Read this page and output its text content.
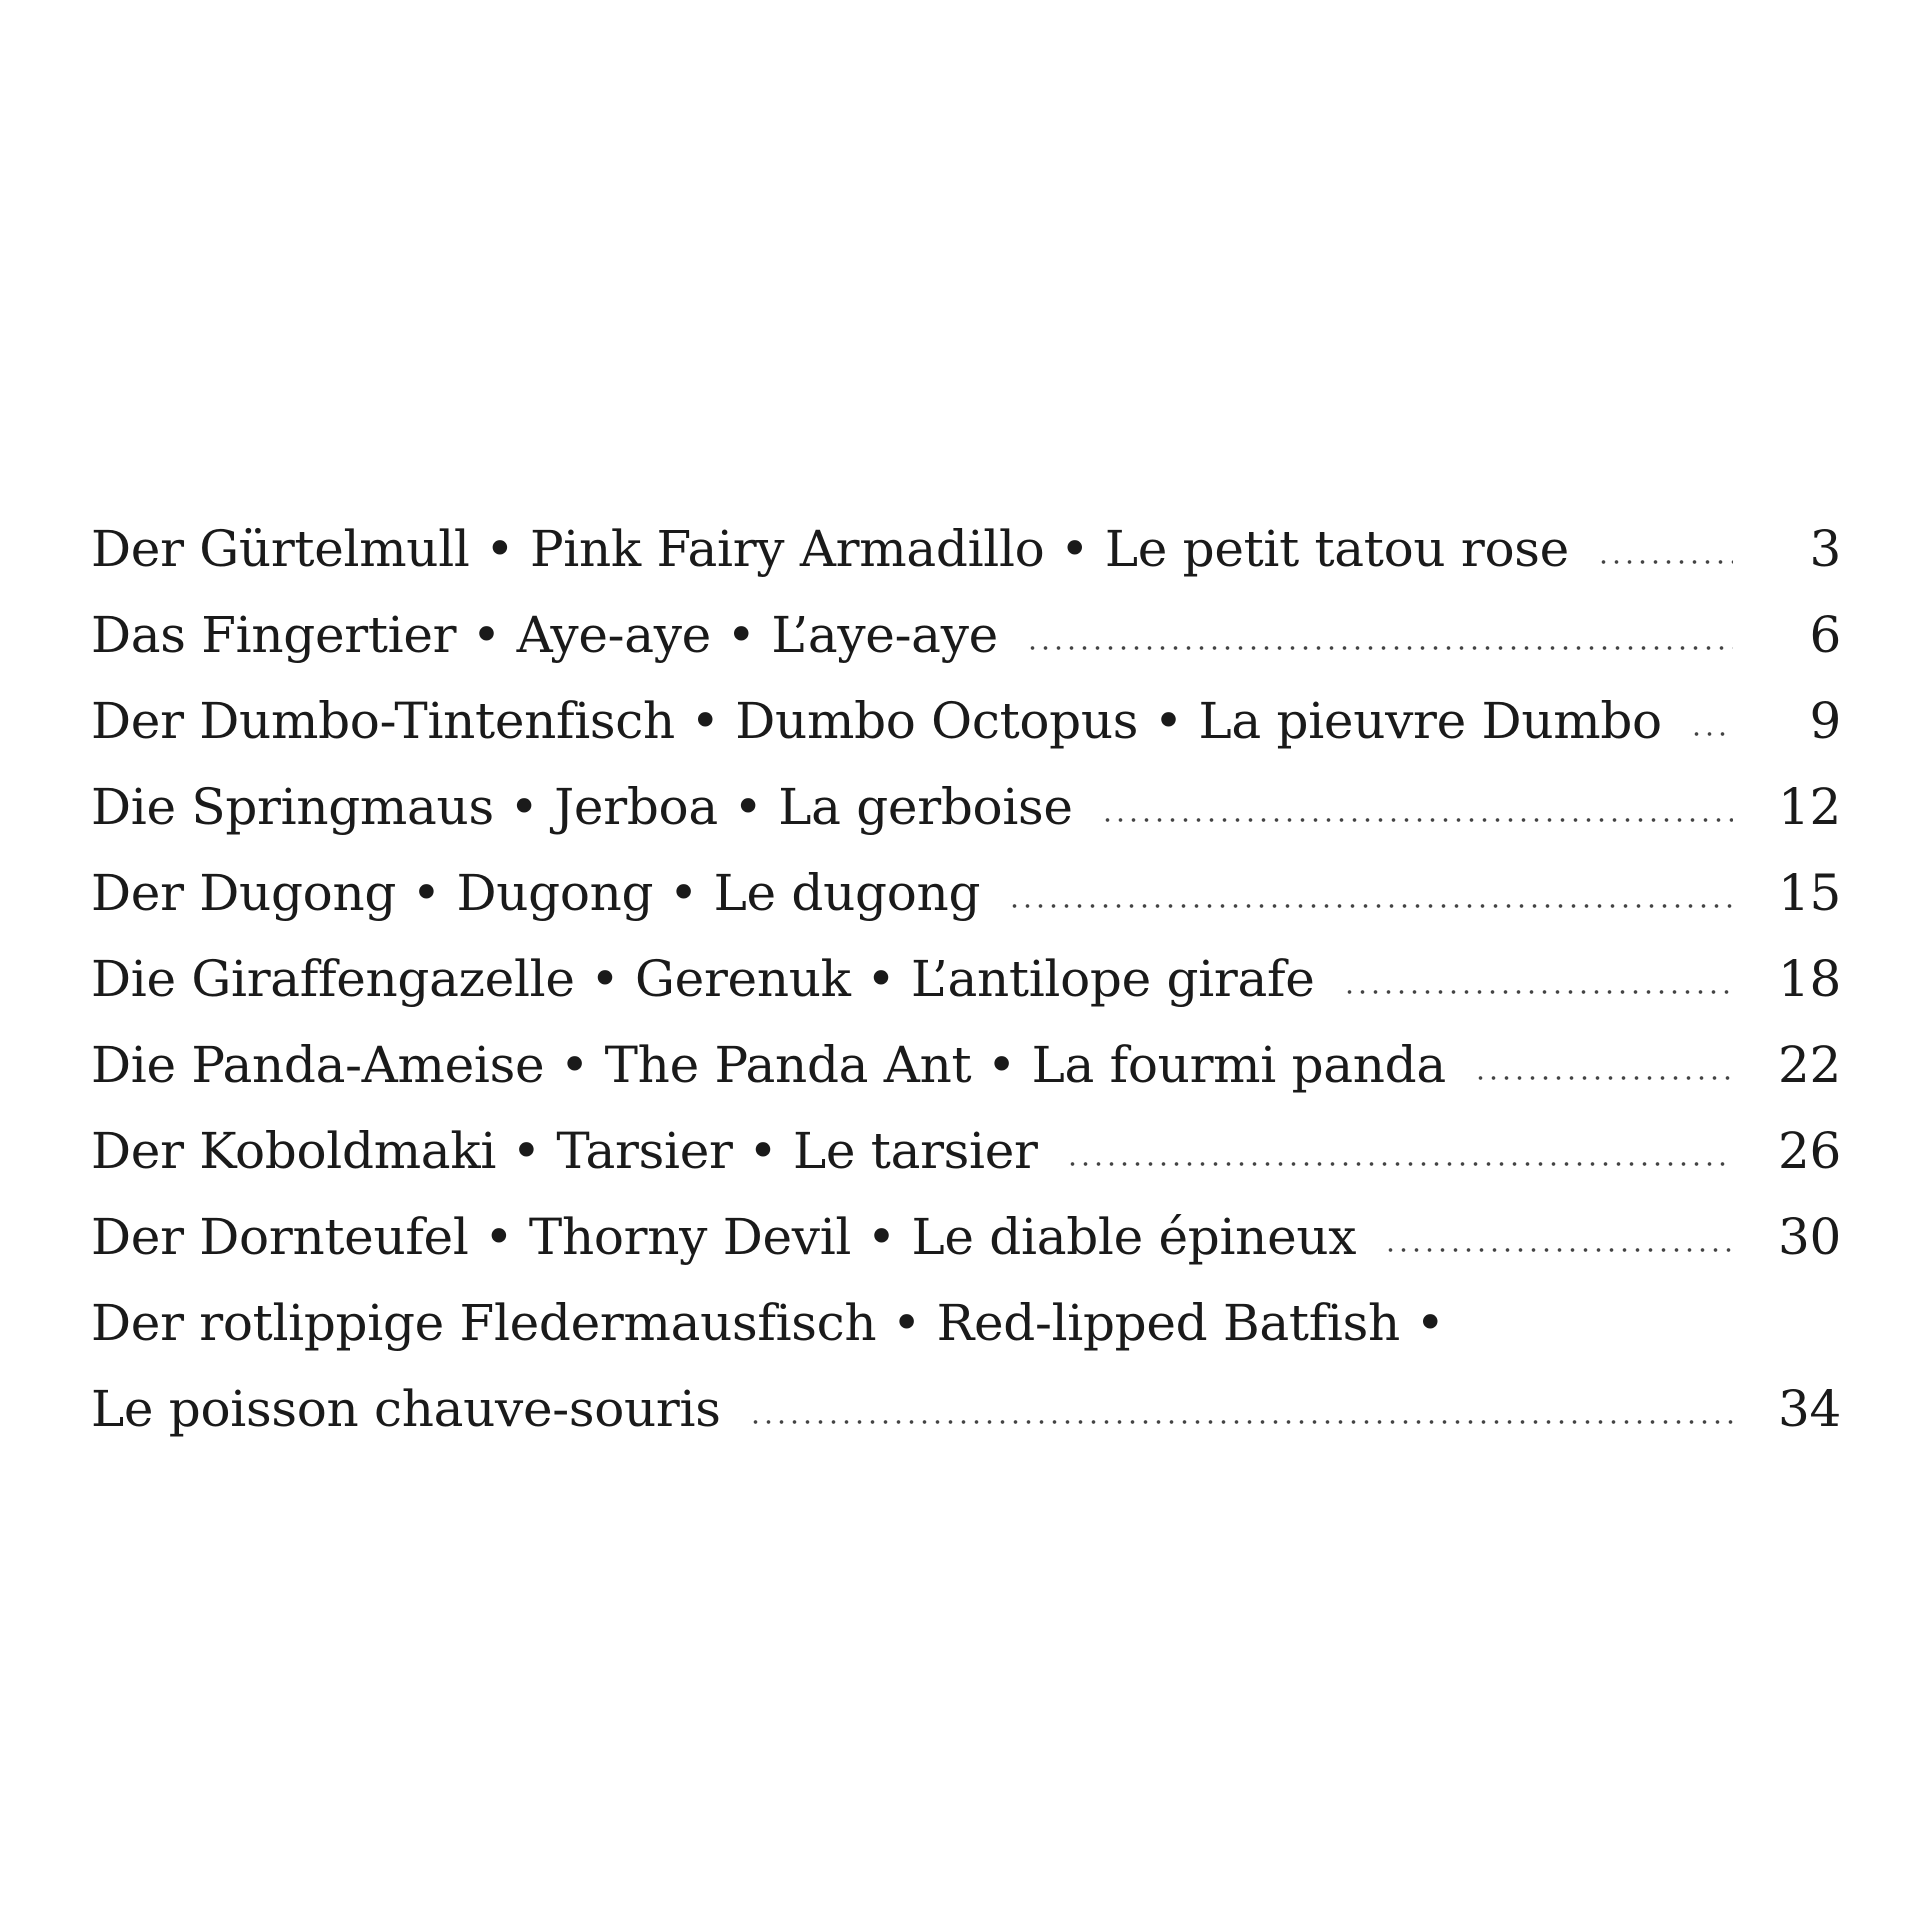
Der Gürtelmull • Pink Fairy Armadillo • Le petit tatou rose	3
Das Fingertier • Aye-aye • L’aye-aye	6
Der Dumbo-Tintenfisch • Dumbo Octopus • La pieuvre Dumbo	9
Die Springmaus • Jerboa • La gerboise	12
Der Dugong • Dugong • Le dugong	15
Die Giraffengazelle • Gerenuk • L’antilope girafe	18
Die Panda-Ameise • The Panda Ant • La fourmi panda	22
Der Koboldmaki • Tarsier • Le tarsier	26
Der Dornteufel • Thorny Devil • Le diable épineux	30
Der rotlippige Fledermausfisch • Red-lipped Batfish •
Le poisson chauve-souris	34
